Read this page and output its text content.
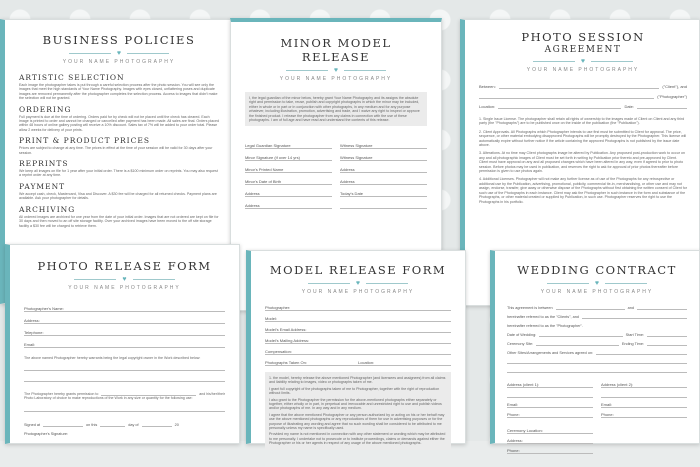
BUSINESS POLICIES
♥
YOUR NAME PHOTOGRAPHY
ARTISTIC SELECTION
Each image the photographer takes is put through a careful selection process after the photo session. You will see only the images that meet the high standards of Your Name Photography. Images with eyes closed, unflattering poses and duplicate images are removed permanently after the photographer completes the selection process. Access to images that didn't make the selection will not be granted.
ORDERING
Full payment is due at the time of ordering. Orders paid for by check will not be placed until the check has cleared. Each image is printed to order and cannot be changed or cancelled after payment has been made. All sales are final. Orders placed within 48 hours of online gallery posting will receive a 10% discount. Sales tax of 7% will be added to your order total. Please allow 2 weeks for delivery of your prints.
PRINT & PRODUCT PRICES
Prices are subject to change at any time. The prices in effect at the time of your session will be valid for 30 days after your session.
REPRINTS
We keep all images on file for 1 year after your initial order. There is a $100 minimum order on reprints. You may also request a reprint order at any time.
PAYMENT
We accept cash, check, Mastercard, Visa and Discover. A $30 fee will be charged for all returned checks. Payment plans are available. Ask your photographer for details.
ARCHIVING
All ordered images are archived for one year from the date of your initial order. Images that are not ordered are kept on file for 30 days and then moved to an off site storage facility. Over your archived images have been moved to the off site storage facility a $30 fee will be charged to retrieve them.
MINOR MODEL RELEASE
♥
YOUR NAME PHOTOGRAPHY
I, the legal guardian of the minor below, hereby grant Your Name Photography and its assigns the absolute right and permission to take, reuse, publish and copyright photographs in which the minor may be included, either in whole or in part or in conjunction with other photographs, in any medium and for any purpose whatever, including illustration, promotion, advertising and trade, and I waive any right to inspect or approve the finished product. I release the photographer from any claims in connection with the use of these photographs. I am of full age and have read and understand the contents of this release.
Legal Guardian Signature	Witness Signature
Minor Signature (if over 14 yrs)	Witness Signature
Minor's Printed Name	Address
Minor's Date of Birth	Address
Address	Today's Date
Address
PHOTO SESSION
AGREEMENT
♥
YOUR NAME PHOTOGRAPHY
Between:	("Client"), and
("Photographer")
Location:	Date:
1. Single Issue License. The photographer shall retain all rights of ownership to the images made of Client on Client and any third party (the "Photographs") are to be published once on the inside of the publication (the "Publication").
2. Client Approvals. All Photographs which Photographer intends to use first must be submitted to Client for approval. The price, sequence, or other material embodying disapproved Photographs will be promptly destroyed by the Photographer. This license will automatically expire without further notice if the article containing the approved Photographs is not published by the issue date above.
3. Alterations. At no time may Client photographs image be altered by Publication. Any proposed post-production work to occur on any and all photographic images of Client must be set forth in writing by Publication prior thereto and pre-approved by Client. Client must have approval on any and all proposed changes which have been altered in any way, even if agreed to prior to photo session. Before photos may be used in publication, and reserves the right to ask for approval of prior photos thereafter before permission is given to use photos again.
4. Additional Licenses. Photographer will not make any further license as of use of the Photographs for any retrospective or additional use by the Publication, advertising, promotional, publicity, commercial tie-in, merchandising, or other use and may not assign, endorse, transfer, give away or otherwise dispose of the Photographs without first obtaining the written consent of Client for such use of the Photographs in each instance. Client may ask the Photographer in such instance in the form and substance of the Photographs, or other material created or supplied by Publication, in such use. Photographer reserves the right to use the Photographs in his portfolio.
PHOTO RELEASE FORM
♥
YOUR NAME PHOTOGRAPHY
Photographer's Name:
Address:
Telephone:
Email:
The above named Photographer hereby warrants being the legal copyright owner in the Work described below:
The Photographer hereby grants permission to	and his/her/their
Photo Laboratory of choice to make reproductions of the Work in any size or quantity for the following use:
Signed at	on this	day of	20
Photographer's Signature:
MODEL RELEASE FORM
♥
YOUR NAME PHOTOGRAPHY
Photographer:
Model:
Model's Email Address:
Model's Mailing Address:
Compensation:
Photographs Taken On:	Location:
1. the model, hereby release the above mentioned Photographer (and licensees and assignees) from all claims and liability relating to images, video or photographs taken of me.
I grant full copyright of the photographs taken of me to Photographer, together with the right of reproduction without limits.
I also grant to the Photographer the permission for the above-mentioned photographs either separately or together, either wholly or in part, in perpetual and irrevocable and unrestricted right to use and publish videos and/or photographs of me. In any way and in any medium.
I agree that the above mentioned Photographer or any person authorized by or acting on his or her behalf may use the above mentioned photographs or any reproductions of them for use in advertising purposes or for the purpose of illustrating any wording and agree that no such wording shall be considered to be attributed to me personally unless my name is specifically used.
Provided my name is not mentioned in connection with any other statement or wording which may be attributed to me personally. I undertake not to prosecute or to institute proceedings, claims or demands against either the Photographer or his or her agents in respect of any usage of the above mentioned photographs.
WEDDING CONTRACT
♥
YOUR NAME PHOTOGRAPHY
This agreement is between	and
hereinafter referred to as the "Clients", and
hereinafter referred to as the "Photographer".
Date of Wedding:	Start Time:
Ceremony Site:	Ending Time:
Other Sites/Arrangements and Services agreed on:
Address (client 1):
Email:
Phone:
Address (client 2):
Email:
Phone:
Ceremony Location:
Address:
Phone:
